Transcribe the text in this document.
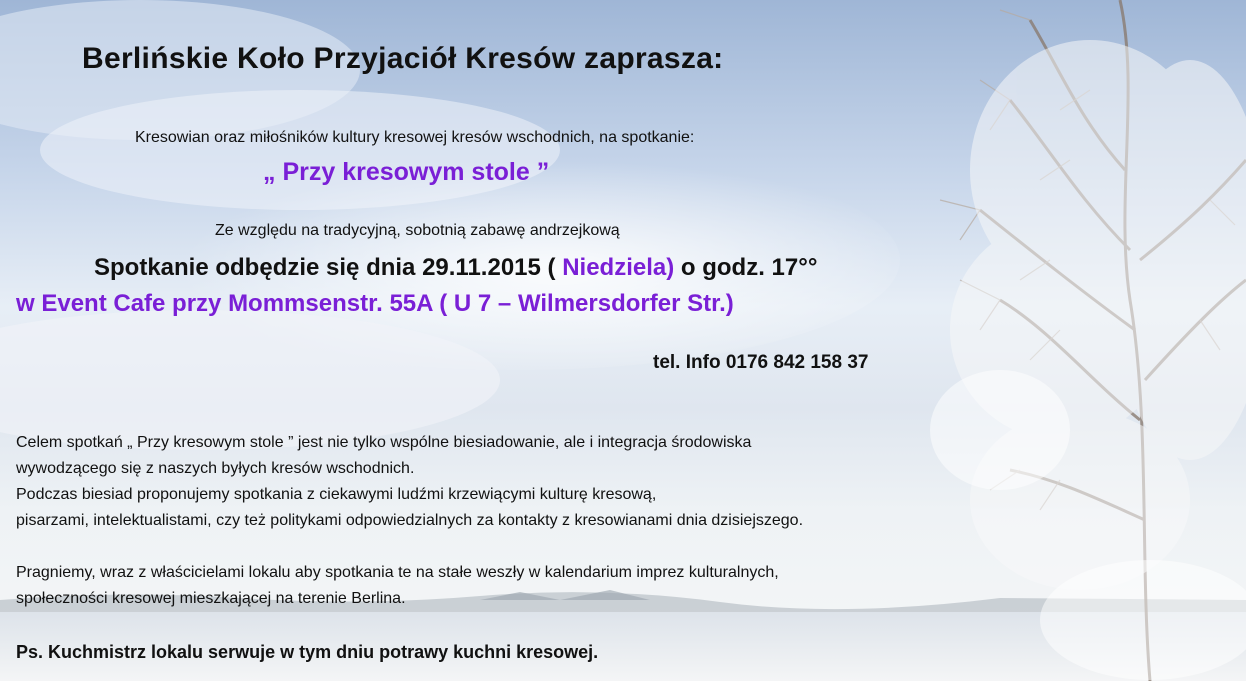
Berlińskie Koło Przyjaciół Kresów zaprasza:
Kresowian oraz miłośników kultury kresowej kresów wschodnich, na spotkanie:
„ Przy kresowym stole ”
Ze względu na tradycyjną, sobotnią zabawę andrzejkową
Spotkanie odbędzie się dnia 29.11.2015 ( Niedziela) o godz. 17°°
w Event Cafe przy Mommsenstr. 55A ( U 7 – Wilmersdorfer Str.)
tel. Info 0176 842 158 37
Celem spotkań „ Przy kresowym stole ” jest nie tylko wspólne biesiadowanie, ale i integracja środowiska
wywodzącego się z naszych byłych kresów wschodnich.
Podczas biesiad proponujemy spotkania z ciekawymi ludźmi krzewiącymi kulturę kresową,
pisarzami, intelektualistami, czy też politykami odpowiedzialnych za kontakty z kresowianami dnia dzisiejszego.
Pragniemy, wraz z właścicielami lokalu aby spotkania te na stałe weszły w kalendarium imprez kulturalnych,
społeczności kresowej mieszkającej na terenie Berlina.
Ps. Kuchmistrz lokalu serwuje w tym dniu potrawy kuchni kresowej.
